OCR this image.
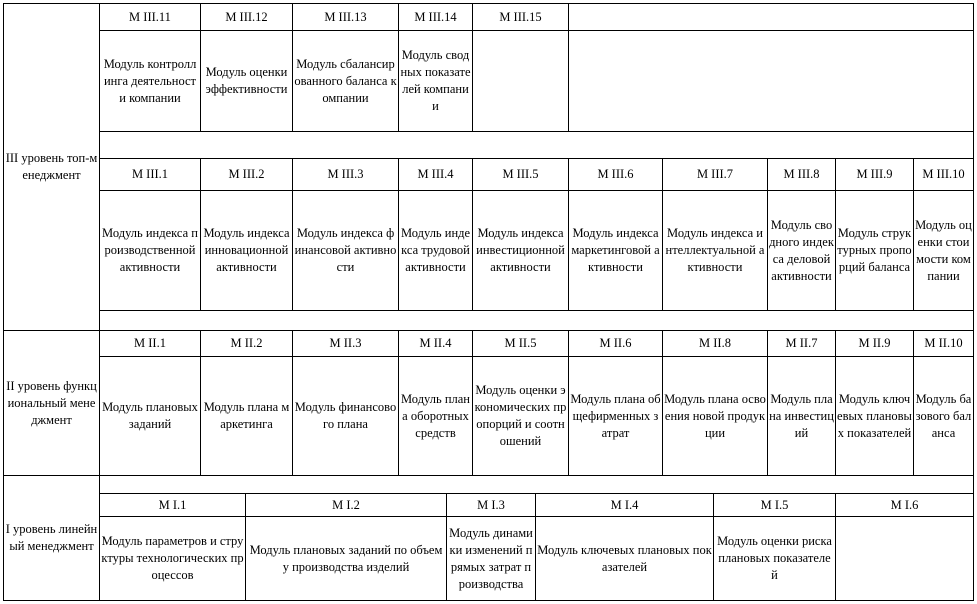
III уровень топ-менеджмент
II уровень функциональный менеджмент
I уровень линейный менеджмент
М III.11
Модуль контроллинга деятельности компании
М III.12
Модуль оценки эффективности
М III.13
Модуль сбалансированного баланса компании
М III.14
Модуль сводных показателей компании
М III.15
М III.1
Модуль индекса производственной активности
М III.2
Модуль индекса инновационной активности
М III.3
Модуль индекса финансовой активности
М III.4
Модуль индекса трудовой активности
М III.5
Модуль индекса инвестиционной активности
М III.6
Модуль индекса маркетинговой активности
М III.7
Модуль индекса интеллектуальной активности
М III.8
Модуль сводного индекса деловой активности
М III.9
Модуль структурных пропорций баланса
М III.10
Модуль оценки стоимости компании
М II.1
Модуль плановых заданий
М II.2
Модуль плана маркетинга
М II.3
Модуль финансового плана
М II.4
Модуль плана оборотных средств
М II.5
Модуль оценки экономических пропорций и соотношений
М II.6
Модуль плана общефирменных затрат
М II.8
Модуль плана освоения новой продукции
М II.7
Модуль плана инвестиций
М II.9
Модуль ключевых плановых показателей
М II.10
Модуль базового баланса
М I.1
Модуль параметров и структуры технологических процессов
М I.2
Модуль плановых заданий по объему производства изделий
М I.3
Модуль динамики изменений прямых затрат производства
М I.4
Модуль ключевых плановых показателей
М I.5
Модуль оценки риска плановых показателей
М I.6
